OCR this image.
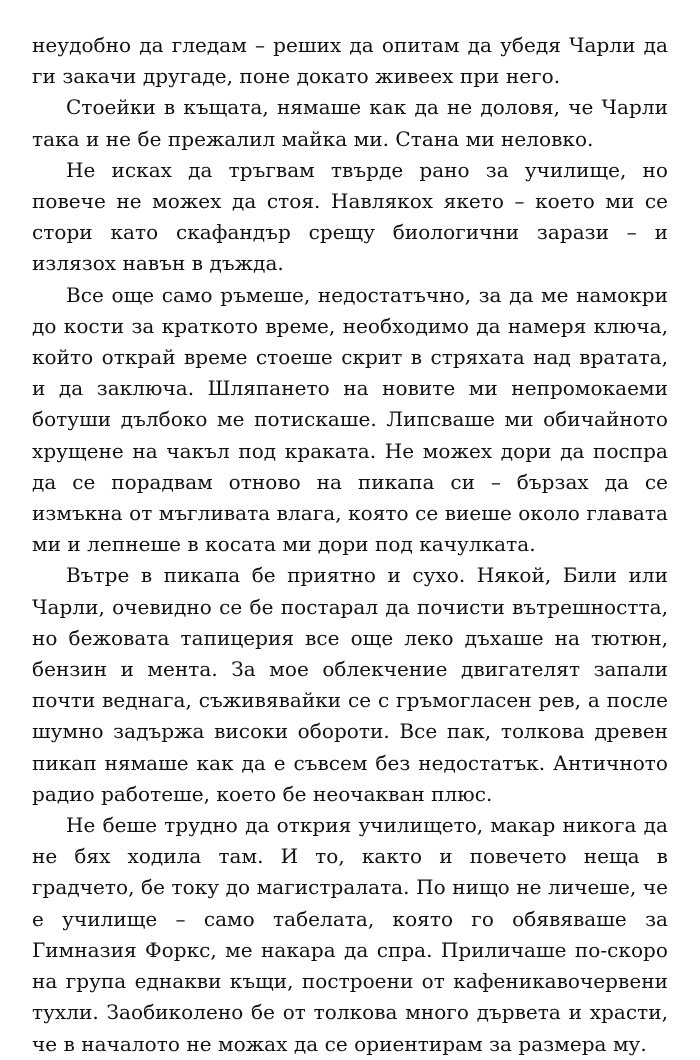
неудобно да гледам – реших да опитам да убедя Чарли да ги закачи другаде, поне докато живеех при него.

Стоейки в къщата, нямаше как да не доловя, че Чарли така и не бе прежалил майка ми. Стана ми неловко.

Не исках да тръгвам твърде рано за училище, но повече не можех да стоя. Навлякох якето – което ми се стори като скафандър срещу биологични зарази – и излязох навън в дъжда.

Все още само ръмеше, недостатъчно, за да ме намокри до кости за краткото време, необходимо да намеря ключа, който открай време стоеше скрит в стряхата над вратата, и да заключа. Шляпането на новите ми непромокаеми ботуши дълбоко ме потискаше. Липсваше ми обичайното хрущене на чакъл под краката. Не можех дори да поспра да се порадвам отново на пикапа си – бързах да се измъкна от мъгливата влага, която се виеше около главата ми и лепнеше в косата ми дори под качулката.

Вътре в пикапа бе приятно и сухо. Някой, Били или Чарли, очевидно се бе постарал да почисти вътрешността, но бежовата тапицерия все още леко дъхаше на тютюн, бензин и мента. За мое облекчение двигателят запали почти веднага, съживявайки се с гръмогласен рев, а после шумно задържа високи обороти. Все пак, толкова древен пикап нямаше как да е съвсем без недостатък. Античното радио работеше, което бе неочакван плюс.

Не беше трудно да открия училището, макар никога да не бях ходила там. И то, както и повечето неща в градчето, бе току до магистралата. По нищо не личеше, че е училище – само табелата, която го обявяваше за Гимназия Форкс, ме накара да спра. Приличаше по-скоро на група еднакви къщи, построени от кафеникавочервени тухли. Заобиколено бе от толкова много дървета и храсти, че в началото не можах да се ориентирам за размера му.
